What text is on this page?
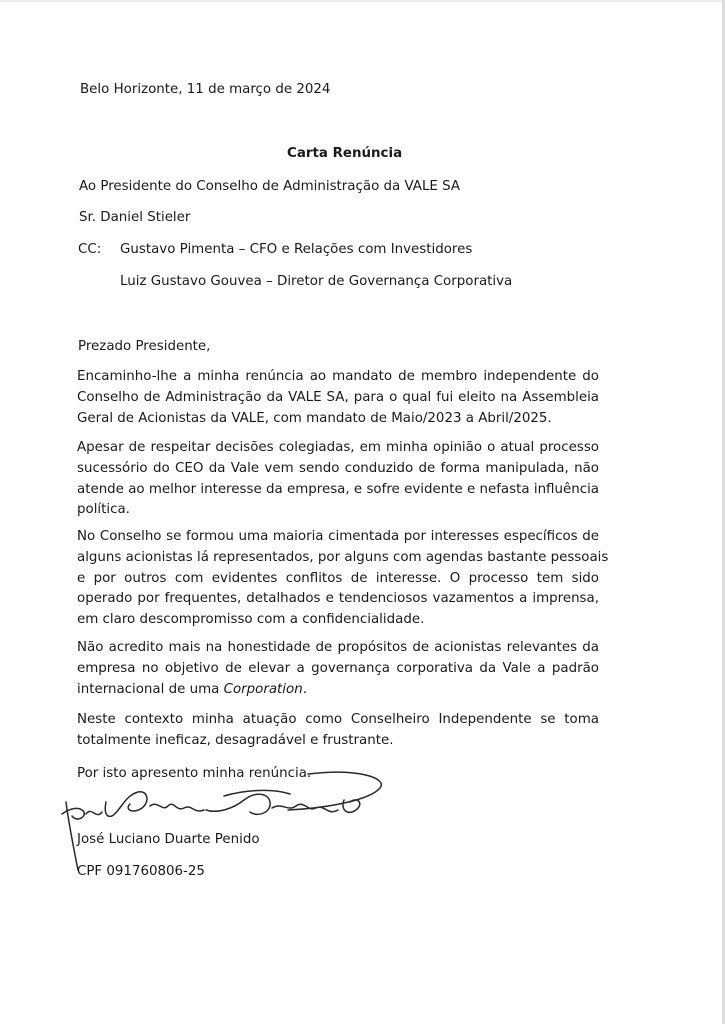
Belo Horizonte, 11 de março de 2024

Carta Renúncia

Ao Presidente do Conselho de Administração da VALE SA

Sr. Daniel Stieler

CC: Gustavo Pimenta – CFO e Relações com Investidores

Luiz Gustavo Gouvea – Diretor de Governança Corporativa

Prezado Presidente,

Encaminho-lhe a minha renúncia ao mandato de membro independente do
Conselho de Administração da VALE SA, para o qual fui eleito na Assembleia
Geral de Acionistas da VALE, com mandato de Maio/2023 a Abril/2025.
Apesar de respeitar decisões colegiadas, em minha opinião o atual processo
sucessório do CEO da Vale vem sendo conduzido de forma manipulada, não
atende ao melhor interesse da empresa, e sofre evidente e nefasta influência
política.
No Conselho se formou uma maioria cimentada por interesses específicos de
alguns acionistas lá representados, por alguns com agendas bastante pessoais
e por outros com evidentes conflitos de interesse. O processo tem sido
operado por frequentes, detalhados e tendenciosos vazamentos a imprensa,
em claro descompromisso com a confidencialidade.
Não acredito mais na honestidade de propósitos de acionistas relevantes da
empresa no objetivo de elevar a governança corporativa da Vale a padrão
internacional de uma Corporation.
Neste contexto minha atuação como Conselheiro Independente se toma
totalmente ineficaz, desagradável e frustrante.

Por isto apresento minha renúncia.

José Luciano Duarte Penido

CPF 091760806-25
